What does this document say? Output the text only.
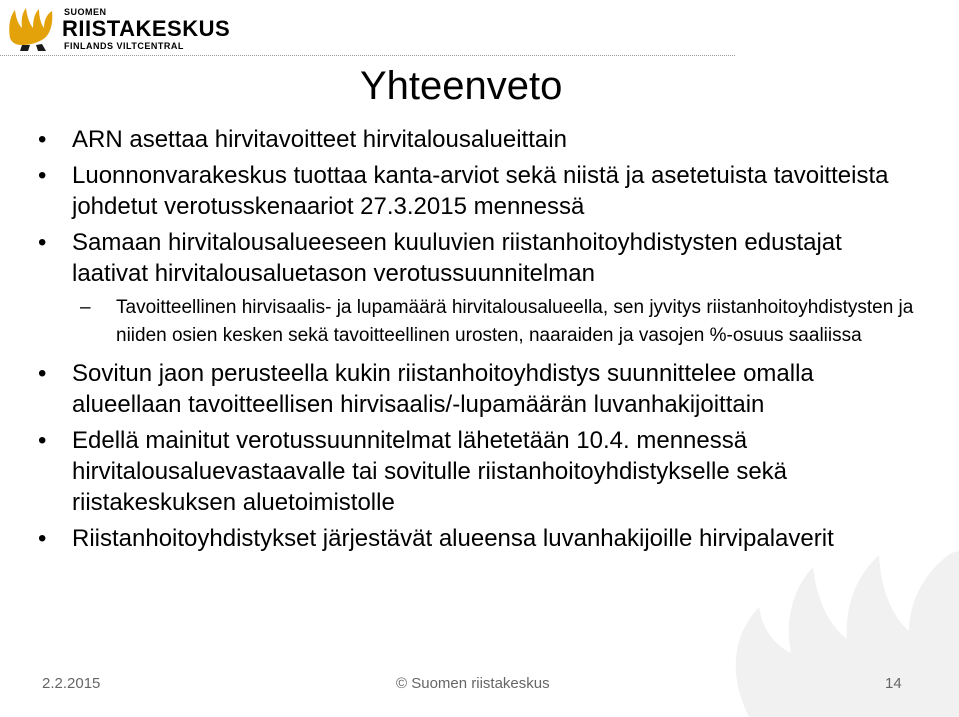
SUOMEN
RIISTAKESKUS
FINLANDS VILTCENTRAL
Yhteenveto
• ARN asettaa hirvitavoitteet hirvitalousalueittain
• Luonnonvarakeskus tuottaa kanta-arviot sekä niistä ja asetetuista tavoitteista johdetut verotusskenaariot 27.3.2015 mennessä
• Samaan hirvitalousalueeseen kuuluvien riistanhoitoyhdistysten edustajat laativat hirvitalousaluetason verotussuunnitelman
– Tavoitteellinen hirvisaalis- ja lupamäärä hirvitalousalueella, sen jyvitys riistanhoitoyhdistysten ja niiden osien kesken sekä tavoitteellinen urosten, naaraiden ja vasojen %-osuus saaliissa
• Sovitun jaon perusteella kukin riistanhoitoyhdistys suunnittelee omalla alueellaan tavoitteellisen hirvisaalis/-lupamäärän luvanhakijoittain
• Edellä mainitut verotussuunnitelmat lähetetään 10.4. mennessä hirvitalousaluevastaavalle tai sovitulle riistanhoitoyhdistykselle sekä riistakeskuksen aluetoimistolle
• Riistanhoitoyhdistykset järjestävät alueensa luvanhakijoille hirvipalaverit
2.2.2015	© Suomen riistakeskus	14
